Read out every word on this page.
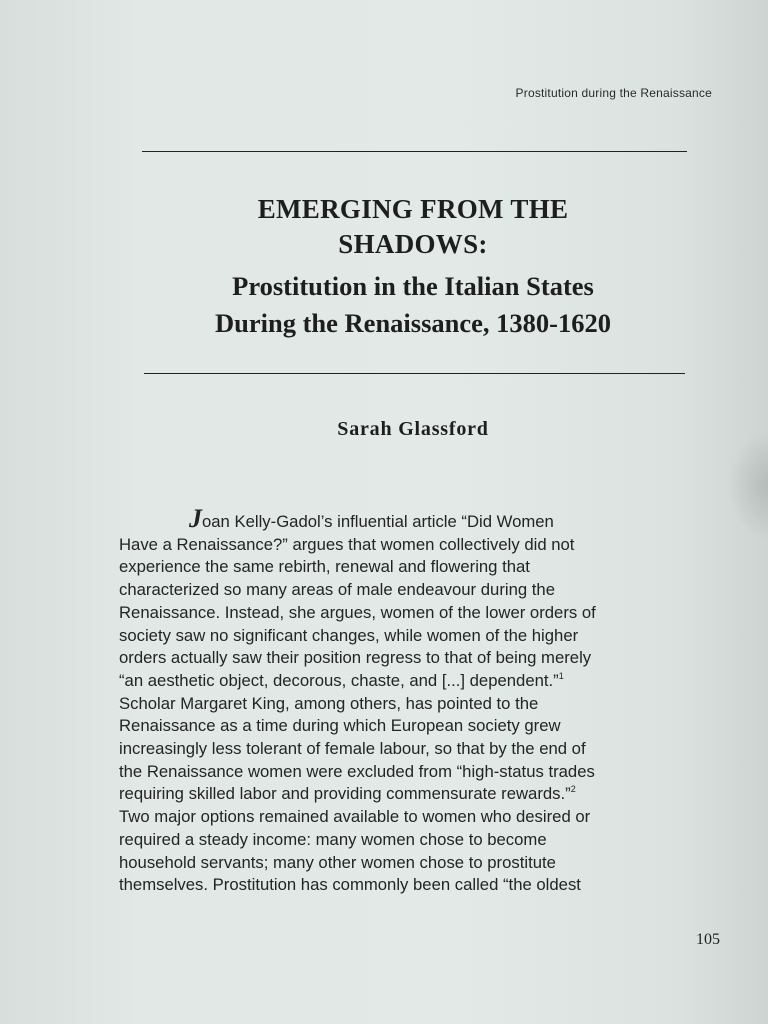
Prostitution during the Renaissance
EMERGING FROM THE
SHADOWS:
Prostitution in the Italian States
During the Renaissance, 1380-1620
Sarah Glassford
Joan Kelly-Gadol’s influential article “Did Women
Have a Renaissance?” argues that women collectively did not
experience the same rebirth, renewal and flowering that
characterized so many areas of male endeavour during the
Renaissance. Instead, she argues, women of the lower orders of
society saw no significant changes, while women of the higher
orders actually saw their position regress to that of being merely
“an aesthetic object, decorous, chaste, and [...] dependent.”$^1$
Scholar Margaret King, among others, has pointed to the
Renaissance as a time during which European society grew
increasingly less tolerant of female labour, so that by the end of
the Renaissance women were excluded from “high-status trades
requiring skilled labor and providing commensurate rewards.”$^2$
Two major options remained available to women who desired or
required a steady income: many women chose to become
household servants; many other women chose to prostitute
themselves. Prostitution has commonly been called “the oldest
105
